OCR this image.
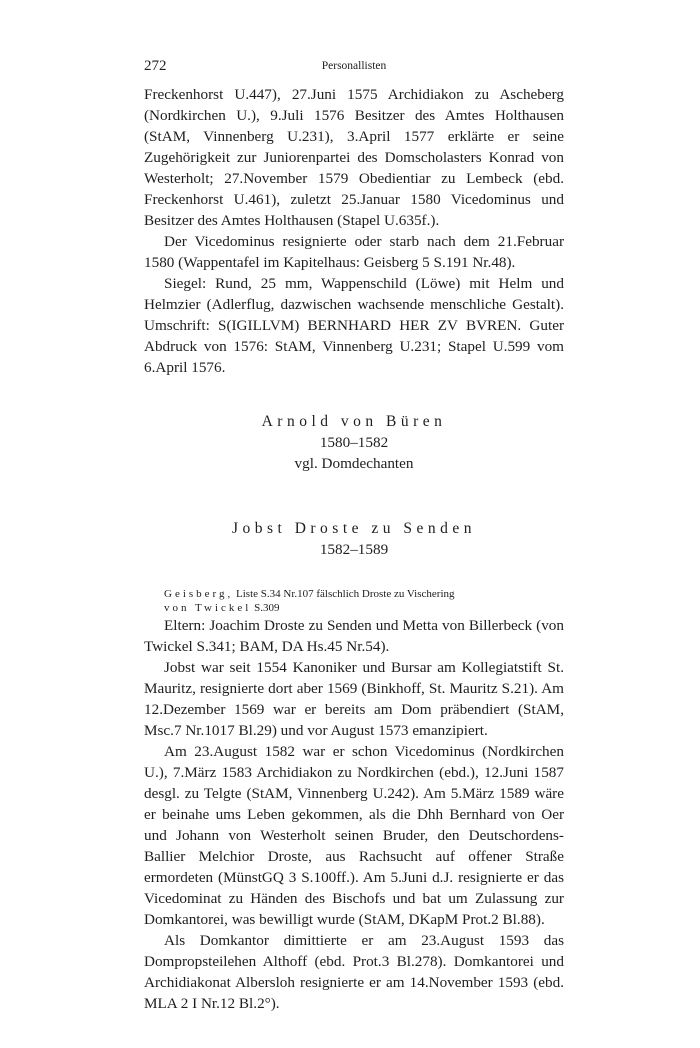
272	Personallisten

Freckenhorst U.447), 27.Juni 1575 Archidiakon zu Ascheberg (Nordkirchen U.), 9.Juli 1576 Besitzer des Amtes Holthausen (StAM, Vinnenberg U.231), 3.April 1577 erklärte er seine Zugehörigkeit zur Juniorenpartei des Domscholasters Konrad von Westerholt; 27.November 1579 Obedientiar zu Lembeck (ebd. Freckenhorst U.461), zuletzt 25.Januar 1580 Vicedominus und Besitzer des Amtes Holthausen (Stapel U.635f.).

Der Vicedominus resignierte oder starb nach dem 21.Februar 1580 (Wappentafel im Kapitelhaus: Geisberg 5 S.191 Nr.48).

Siegel: Rund, 25 mm, Wappenschild (Löwe) mit Helm und Helmzier (Adlerflug, dazwischen wachsende menschliche Gestalt). Umschrift: S(IGILLVM) BERNHARD HER ZV BVREN. Guter Abdruck von 1576: StAM, Vinnenberg U.231; Stapel U.599 vom 6.April 1576.

Arnold von Büren

1580–1582

vgl. Domdechanten

Jobst Droste zu Senden

1582–1589

Geisberg, Liste S.34 Nr.107 fälschlich Droste zu Vischering
von Twickel S.309

Eltern: Joachim Droste zu Senden und Metta von Billerbeck (von Twickel S.341; BAM, DA Hs.45 Nr.54).

Jobst war seit 1554 Kanoniker und Bursar am Kollegiatstift St. Mauritz, resignierte dort aber 1569 (Binkhoff, St. Mauritz S.21). Am 12.Dezember 1569 war er bereits am Dom präbendiert (StAM, Msc.7 Nr.1017 Bl.29) und vor August 1573 emanzipiert.

Am 23.August 1582 war er schon Vicedominus (Nordkirchen U.), 7.März 1583 Archidiakon zu Nordkirchen (ebd.), 12.Juni 1587 desgl. zu Telgte (StAM, Vinnenberg U.242). Am 5.März 1589 wäre er beinahe ums Leben gekommen, als die Dhh Bernhard von Oer und Johann von Westerholt seinen Bruder, den Deutschordens-Ballier Melchior Droste, aus Rachsucht auf offener Straße ermordeten (MünstGQ 3 S.100ff.). Am 5.Juni d.J. resignierte er das Vicedominat zu Händen des Bischofs und bat um Zulassung zur Domkantorei, was bewilligt wurde (StAM, DKapM Prot.2 Bl.88).

Als Domkantor dimittierte er am 23.August 1593 das Dompropsteilehen Althoff (ebd. Prot.3 Bl.278). Domkantorei und Archidiakonat Albersloh resignierte er am 14.November 1593 (ebd. MLA 2 I Nr.12 Bl.2°).
